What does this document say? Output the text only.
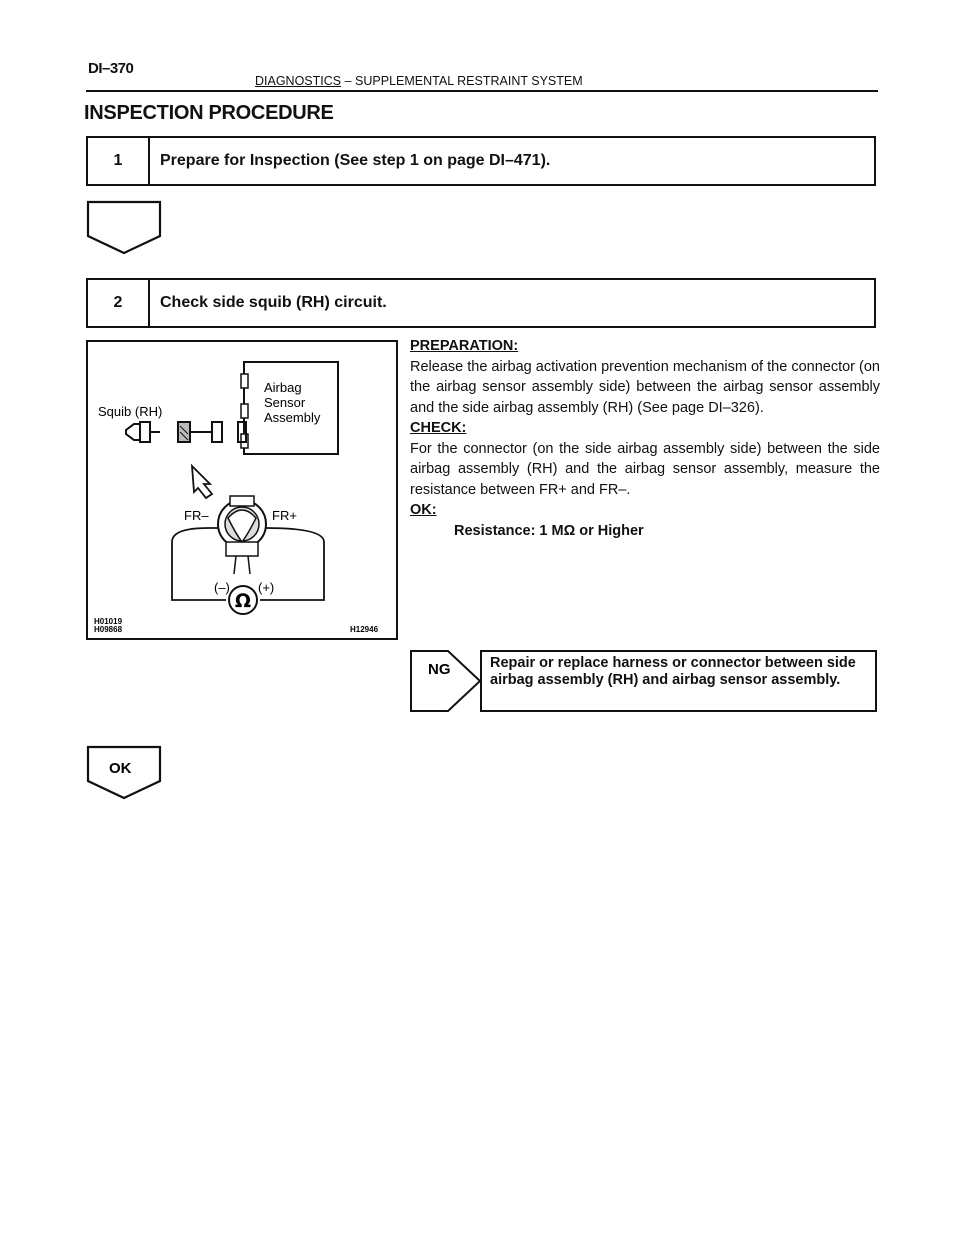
DI–370
DIAGNOSTICS – SUPPLEMENTAL RESTRAINT SYSTEM
INSPECTION PROCEDURE
1	Prepare for Inspection (See step 1 on page DI–471).
2	Check side squib (RH) circuit.
Ω
Airbag
Sensor
Assembly
Squib (RH)
FR–	FR+
(–) (+)
H01019
H09868	H12946
PREPARATION:
Release the airbag activation prevention mechanism of the connector (on the airbag sensor assembly side) between the airbag sensor assembly and the side airbag assembly (RH) (See page DI–326).
CHECK:
For the connector (on the side airbag assembly side) between the side airbag assembly (RH) and the airbag sensor assembly, measure the resistance between FR+ and FR–.
OK:
Resistance: 1 MΩ or Higher
NG	Repair or replace harness or connector between side airbag assembly (RH) and airbag sensor assembly.
OK
